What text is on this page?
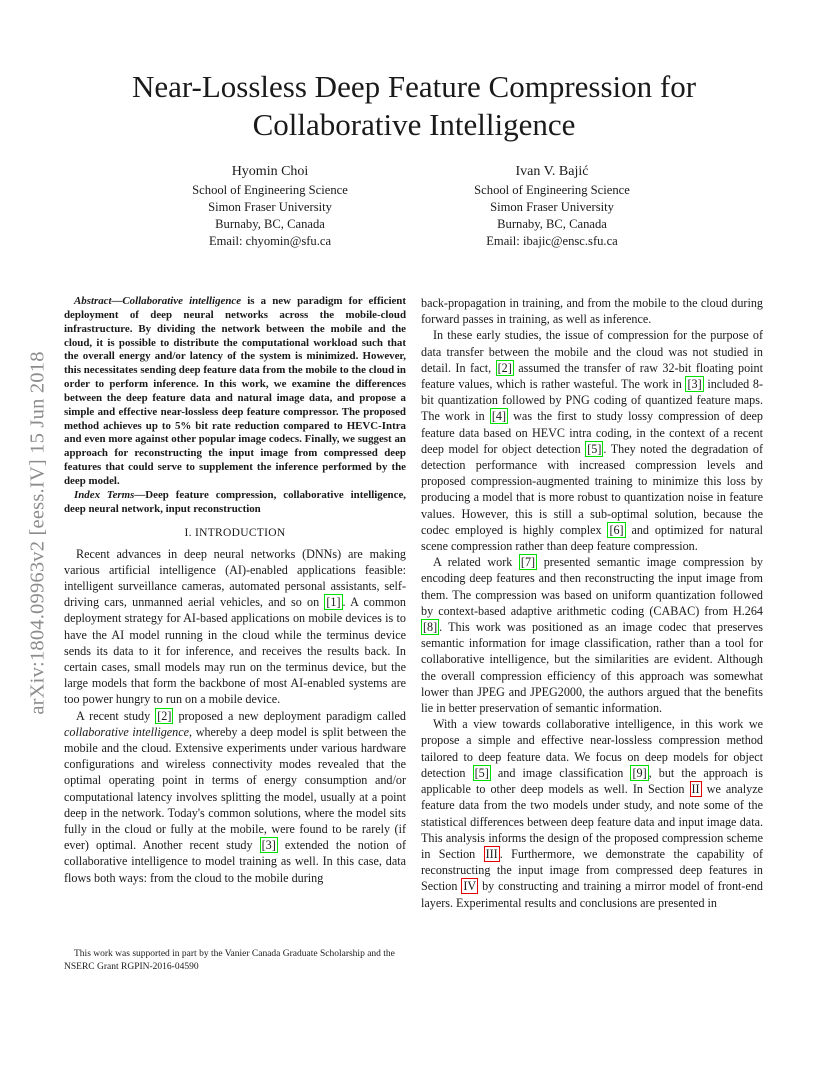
Near-Lossless Deep Feature Compression for
Collaborative Intelligence
Hyomin Choi
School of Engineering Science
Simon Fraser University
Burnaby, BC, Canada
Email: chyomin@sfu.ca
Ivan V. Bajić
School of Engineering Science
Simon Fraser University
Burnaby, BC, Canada
Email: ibajic@ensc.sfu.ca
arXiv:1804.09963v2 [eess.IV] 15 Jun 2018

Abstract—Collaborative intelligence is a new paradigm for efficient deployment of deep neural networks across the mobile-cloud infrastructure. By dividing the network between the mobile and the cloud, it is possible to distribute the computational workload such that the overall energy and/or latency of the system is minimized. However, this necessitates sending deep feature data from the mobile to the cloud in order to perform inference. In this work, we examine the differences between the deep feature data and natural image data, and propose a simple and effective near-lossless deep feature compressor. The proposed method achieves up to 5% bit rate reduction compared to HEVC-Intra and even more against other popular image codecs. Finally, we suggest an approach for reconstructing the input image from compressed deep features that could serve to supplement the inference performed by the deep model.

Index Terms—Deep feature compression, collaborative intelligence, deep neural network, input reconstruction

I. INTRODUCTION

Recent advances in deep neural networks (DNNs) are making various artificial intelligence (AI)-enabled applications feasible: intelligent surveillance cameras, automated personal assistants, self-driving cars, unmanned aerial vehicles, and so on [1] . A common deployment strategy for AI-based applications on mobile devices is to have the AI model running in the cloud while the terminus device sends its data to it for inference, and receives the results back. In certain cases, small models may run on the terminus device, but the large models that form the backbone of most AI-enabled systems are too power hungry to run on a mobile device.

A recent study [2] proposed a new deployment paradigm called collaborative intelligence, whereby a deep model is split between the mobile and the cloud. Extensive experiments under various hardware configurations and wireless connectivity modes revealed that the optimal operating point in terms of energy consumption and/or computational latency involves splitting the model, usually at a point deep in the network. Today's common solutions, where the model sits fully in the cloud or fully at the mobile, were found to be rarely (if ever) optimal. Another recent study [3] extended the notion of collaborative intelligence to model training as well. In this case, data flows both ways: from the cloud to the mobile during

This work was supported in part by the Vanier Canada Graduate Scholarship and the NSERC Grant RGPIN-2016-04590

back-propagation in training, and from the mobile to the cloud during forward passes in training, as well as inference.

In these early studies, the issue of compression for the purpose of data transfer between the mobile and the cloud was not studied in detail. In fact, [2] assumed the transfer of raw 32-bit floating point feature values, which is rather wasteful. The work in [3] included 8-bit quantization followed by PNG coding of quantized feature maps. The work in [4] was the first to study lossy compression of deep feature data based on HEVC intra coding, in the context of a recent deep model for object detection [5] . They noted the degradation of detection performance with increased compression levels and proposed compression-augmented training to minimize this loss by producing a model that is more robust to quantization noise in feature values. However, this is still a sub-optimal solution, because the codec employed is highly complex [6] and optimized for natural scene compression rather than deep feature compression.

A related work [7] presented semantic image compression by encoding deep features and then reconstructing the input image from them. The compression was based on uniform quantization followed by context-based adaptive arithmetic coding (CABAC) from H.264 [8] . This work was positioned as an image codec that preserves semantic information for image classification, rather than a tool for collaborative intelligence, but the similarities are evident. Although the overall compression efficiency of this approach was somewhat lower than JPEG and JPEG2000, the authors argued that the benefits lie in better preservation of semantic information.

With a view towards collaborative intelligence, in this work we propose a simple and effective near-lossless compression method tailored to deep feature data. We focus on deep models for object detection [5] and image classification [9] , but the approach is applicable to other deep models as well. In Section II we analyze feature data from the two models under study, and note some of the statistical differences between deep feature data and input image data. This analysis informs the design of the proposed compression scheme in Section III . Furthermore, we demonstrate the capability of reconstructing the input image from compressed deep features in Section IV by constructing and training a mirror model of front-end layers. Experimental results and conclusions are presented in
